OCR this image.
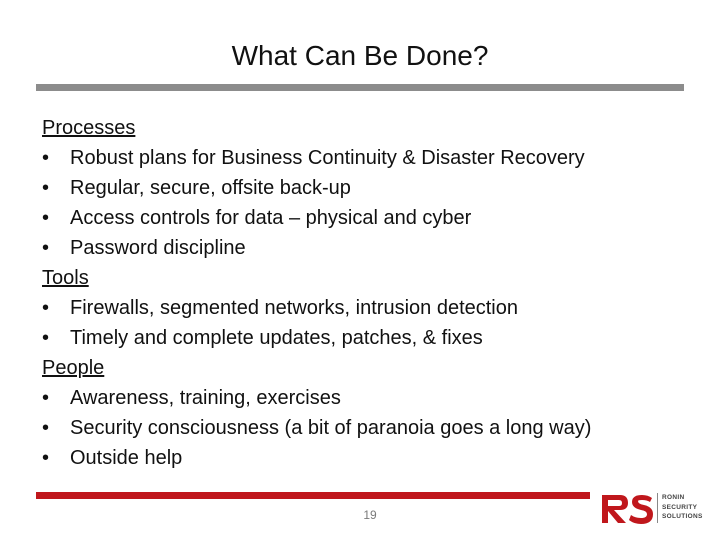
What Can Be Done?
Processes
•	Robust plans for Business Continuity & Disaster Recovery
•	Regular, secure, offsite back-up
•	Access controls for data – physical and cyber
•	Password discipline
Tools
•	Firewalls, segmented networks, intrusion detection
•	Timely and complete updates, patches, & fixes
People
•	Awareness, training, exercises
•	Security consciousness (a bit of paranoia goes a long way)
•	Outside help
19
RONIN
SECURITY
SOLUTIONS
